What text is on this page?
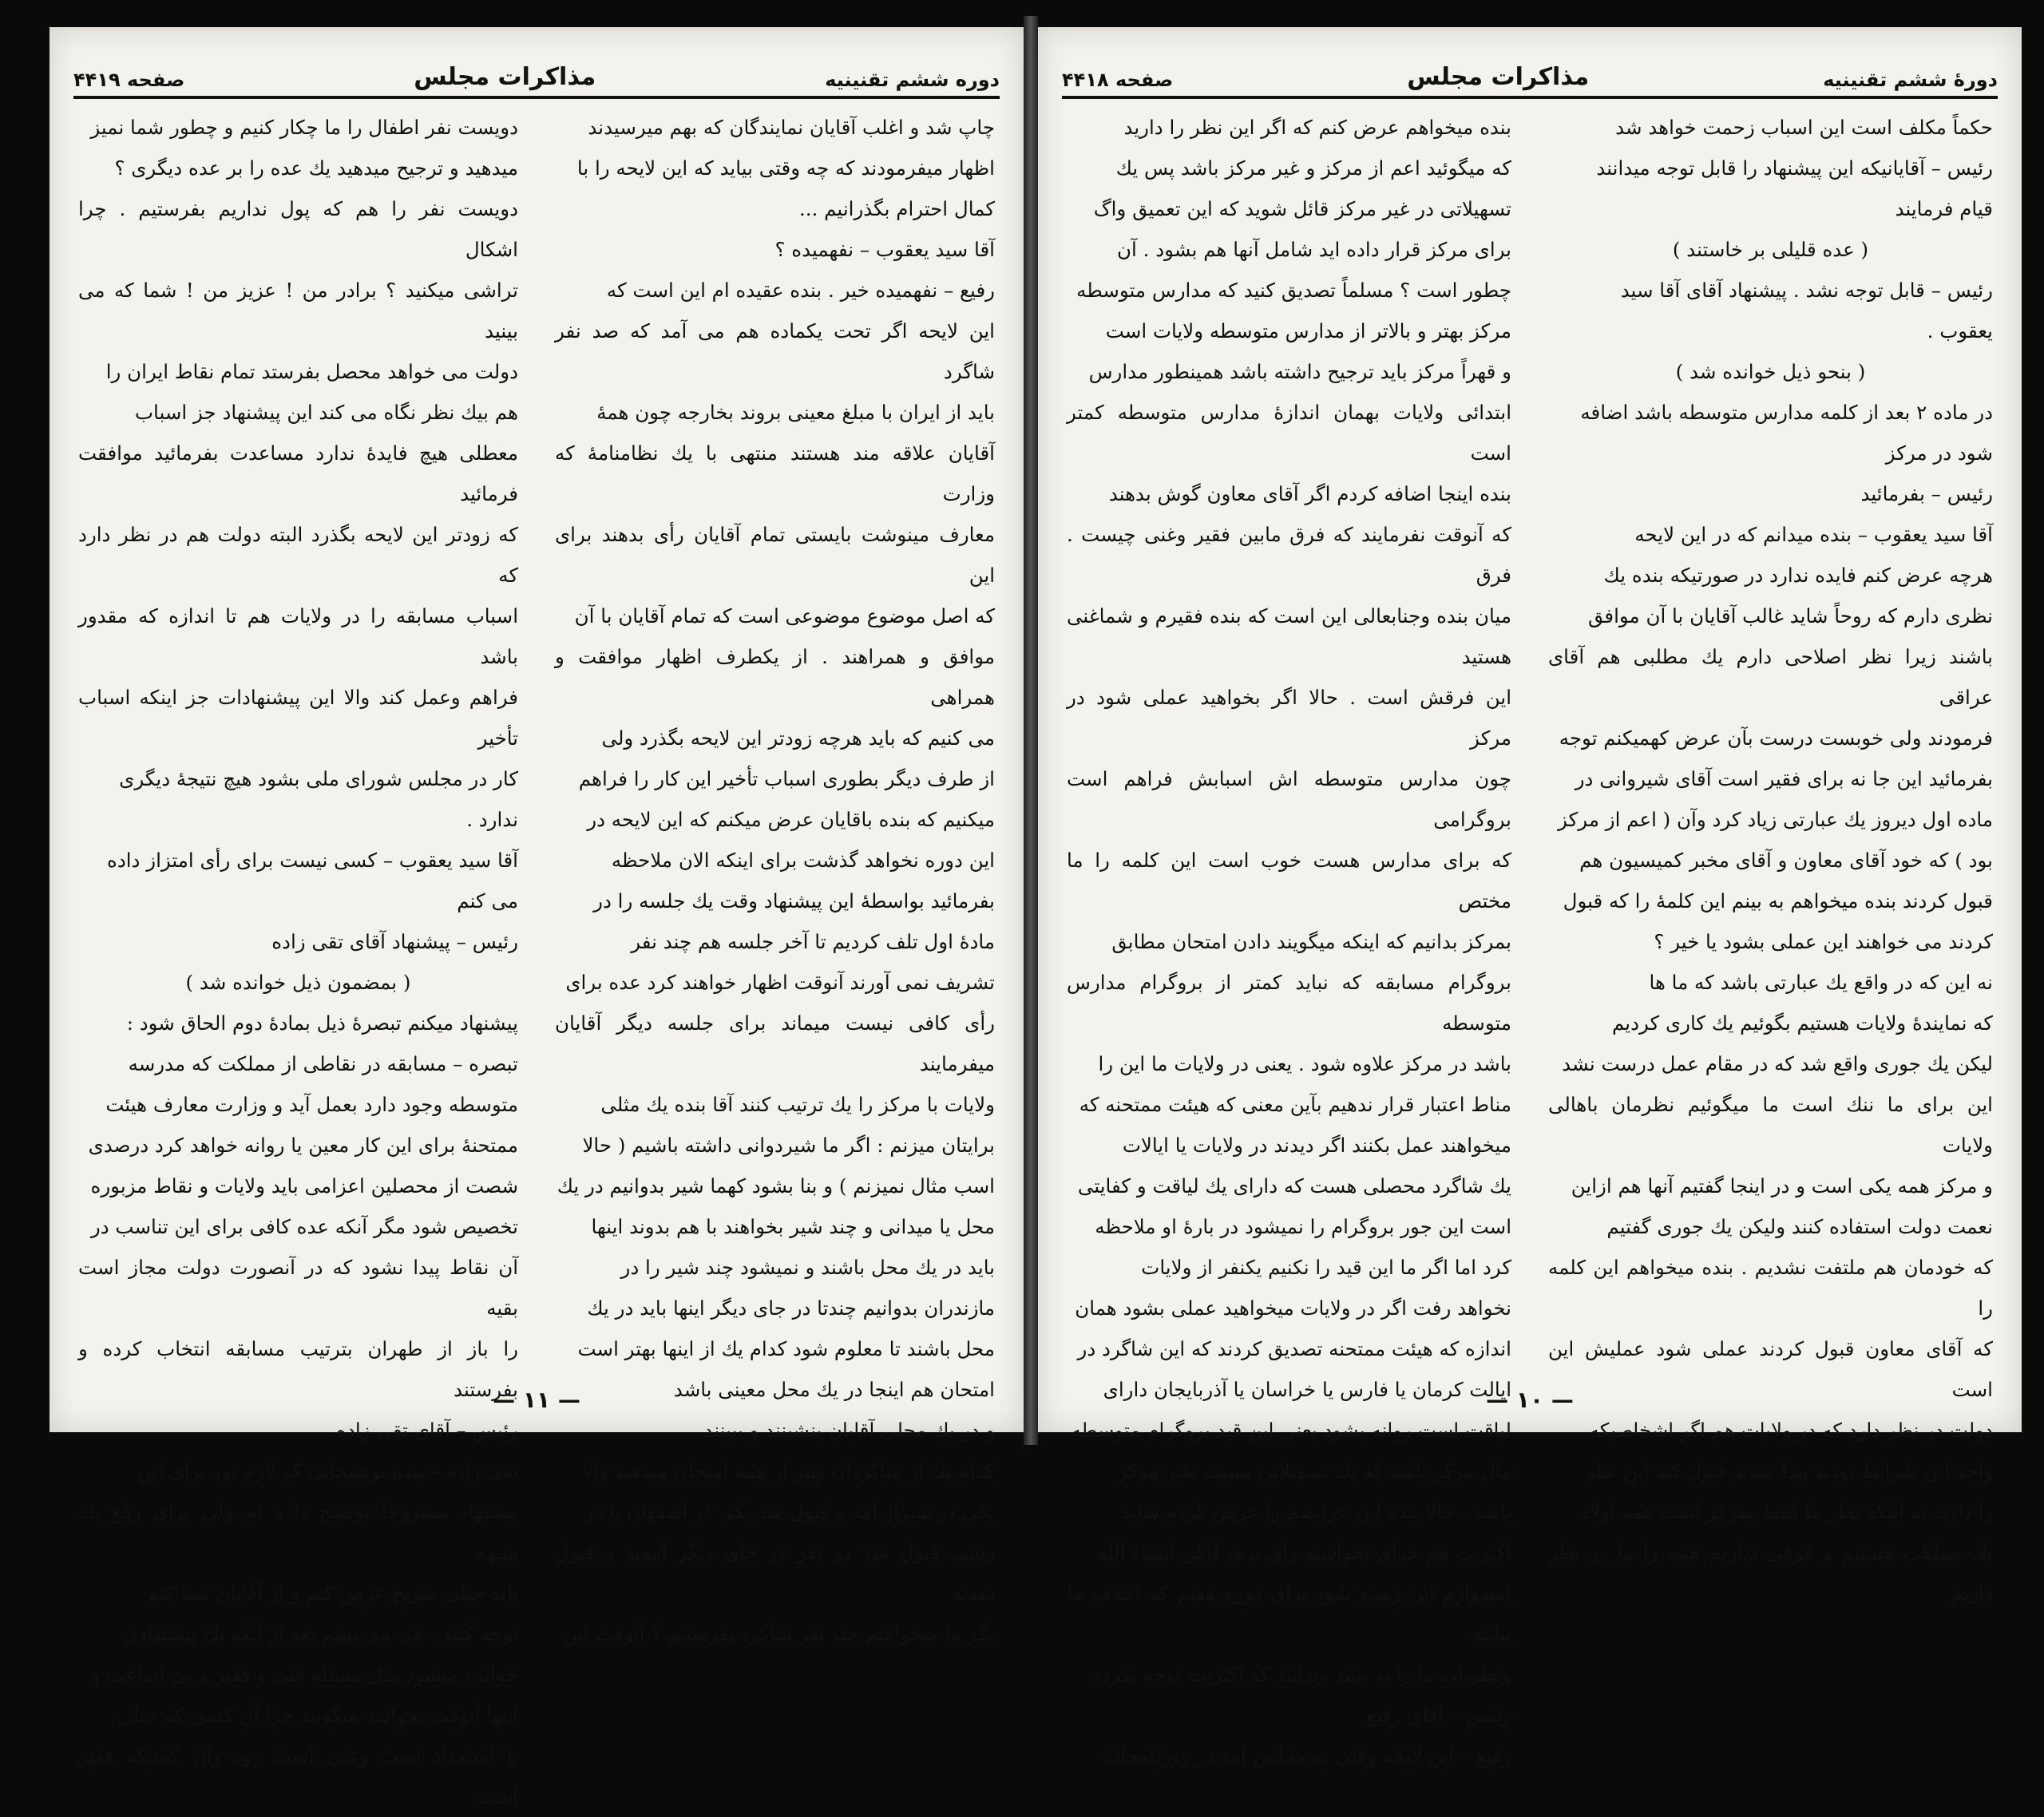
دوره ششم تقنينيه
مذاکرات مجلس
صفحه ۴۴۱۹

چاپ شد و اغلب آقایان نمایندگان که بهم میرسیدند

اظهار میفرمودند که چه وقتی بیاید که این لایحه را با

کمال احترام بگذرانیم ...

آقا سید یعقوب – نفهمیده ؟

رفیع – نفهمیده خیر . بنده عقیده ام این است که

این لایحه اگر تحت یکماده هم می آمد که صد نفر شاگرد

باید از ایران با مبلغ معینی بروند بخارجه چون همهٔ

آقایان علاقه مند هستند منتهی با یك نظامنامهٔ که وزارت

معارف مینوشت بایستی تمام آقایان رأی بدهند برای این

که اصل موضوع موضوعی است که تمام آقایان با آن

موافق و همراهند . از یکطرف اظهار موافقت و همراهی

می کنیم که باید هرچه زودتر این لایحه بگذرد ولی

از طرف دیگر بطوری اسباب تأخیر این کار را فراهم

میکنیم که بنده باقایان عرض میکنم که این لایحه در

این دوره نخواهد گذشت برای اینکه الان ملاحظه

بفرمائید بواسطهٔ این پیشنهاد وقت یك جلسه را در

مادهٔ اول تلف کردیم تا آخر جلسه هم چند نفر

تشریف نمی آورند آنوقت اظهار خواهند کرد عده برای

رأی کافی نیست میماند برای جلسه دیگر آقایان میفرمایند

ولایات با مرکز را یك ترتیب کنند آقا بنده یك مثلی

برایتان میزنم : اگر ما شیردوانی داشته باشیم ( حالا

اسب مثال نمیزنم ) و بنا بشود کهما شیر بدوانیم در یك

محل یا میدانی و چند شیر بخواهند با هم بدوند اینها

باید در یك محل باشند و نمیشود چند شیر را در

مازندران بدوانیم چندتا در جای دیگر اینها باید در یك

محل باشند تا معلوم شود کدام یك از اینها بهتر است

امتحان هم اینجا در یك محل معینی باشد

و در یك محلی آقایان بنشینند و ببینند

کدام یك از شاگردان بهتر از همه امتحان میدهند والا

یکی در شیراز آمد و قبول شد یکی در اصفهان یا در

رشت قبول شد دو نفر در جای دیگر آمدند و قبول شدند

بگر ما میخواهیم چند نفر شاگرد بفرستیم ؟ آنوقت این

دویست نفر اطفال را ما چکار کنیم و چطور شما نمیز

میدهید و ترجیح میدهید یك عده را بر عده دیگری ؟

دویست نفر را هم که پول نداریم بفرستیم . چرا اشکال

تراشی میکنید ؟ برادر من ! عزیز من ! شما که می بینید

دولت می خواهد محصل بفرستد تمام نقاط ایران را

هم بیك نظر نگاه می کند این پیشنهاد جز اسباب

معطلی هیچ فایدهٔ ندارد مساعدت بفرمائید موافقت فرمائید

که زودتر این لایحه بگذرد البته دولت هم در نظر دارد که

اسباب مسابقه را در ولایات هم تا اندازه که مقدور باشد

فراهم وعمل کند والا این پیشنهادات جز اینکه اسباب تأخیر

کار در مجلس شورای ملی بشود هیچ نتیجهٔ دیگری

ندارد .

آقا سید یعقوب – کسی نیست برای رأی امتزاز داده

می کنم

رئیس – پیشنهاد آقای تقی زاده

( بمضمون ذیل خوانده شد )

پیشنهاد میکنم تبصرهٔ ذیل بمادهٔ دوم الحاق شود :

تبصره – مسابقه در نقاطی از مملکت که مدرسه

متوسطه وجود دارد بعمل آید و وزارت معارف هیئت

ممتحنهٔ برای این کار معین یا روانه خواهد کرد درصدی

شصت از محصلین اعزامی باید ولایات و نقاط مزبوره

تخصیص شود مگر آنکه عده کافی برای این تناسب در

آن نقاط پیدا نشود که در آنصورت دولت مجاز است بقیه

را باز از طهران بترتیب مسابقه انتخاب کرده و بفرستند

رئیس – آقای تقی زاده

تقی زاده – بنده توضیحاتی که لازم بود برای این

پیشنهاد مشروحاً توضیح داده ام ولی برای رفع یك شبهه

باید خیلی صریح عرض کنم و از آقایان تمنا کنم

توجه کنند . هی می بینیم بعد از آنکه یك پیشنهادی

خوانده میشود مثل مسئله غنی و فقیر و بی اضاعت و

اینها آنوقت نخوانده میگویند چرا آن کسی که خیلی

با استعداد است وغنی است زود وآن کسیکه فقیر است

— ۱۱ —
دورهٔ ششم تقنینیه
مذاکرات مجلس
صفحه ۴۴۱۸

حکماً مکلف است این اسباب زحمت خواهد شد

رئیس – آقایانیکه این پیشنهاد را قابل توجه میدانند

قیام فرمایند

( عده قلیلی بر خاستند )

رئیس – قابل توجه نشد . پیشنهاد آقای آقا سید

یعقوب .

( بنحو ذیل خوانده شد )

در ماده ۲ بعد از کلمه مدارس متوسطه باشد اضافه

شود در مرکز

رئیس – بفرمائید

آقا سید یعقوب – بنده میدانم که در این لایحه

هرچه عرض کنم فایده ندارد در صورتیکه بنده یك

نظری دارم که روحاً شاید غالب آقایان با آن موافق

باشند زیرا نظر اصلاحی دارم یك مطلبی هم آقای عراقی

فرمودند ولی خوبست درست بآن عرض کهمیکنم توجه

بفرمائید این جا نه برای فقیر است آقای شیروانی در

ماده اول دیروز یك عبارتی زیاد کرد وآن ( اعم از مرکز

بود ) که خود آقای معاون و آقای مخبر کمیسیون هم

قبول کردند بنده میخواهم به بینم این کلمهٔ را که قبول

کردند می خواهند این عملی بشود یا خیر ؟

نه این که در واقع یك عبارتی باشد که ما ها

که نمایندهٔ ولایات هستیم بگوئیم یك کاری کردیم

لیکن یك جوری واقع شد که در مقام عمل درست نشد

این برای ما ننك است ما میگوئیم نظرمان باهالی ولایات

و مرکز همه یکی است و در اینجا گفتیم آنها هم ازاین

نعمت دولت استفاده کنند ولیکن یك جوری گفتیم

که خودمان هم ملتفت نشدیم . بنده میخواهم این کلمه را

که آقای معاون قبول کردند عملی شود عملیش این است

دولت در نظر دارد که در ولایات هم اگر اشخاصیکه

واجد این شرایط بودند پیدا شدند قبول کند این نظر

را دارند نه اینکه نظر ما فقط بمرکز است همه اولاد

یك مملکت هستیم و فرقی نداریم همه را ما در نظر داریم

بنده میخواهم عرض کنم که اگر این نظر را دارید

که میگوئید اعم از مرکز و غیر مرکز باشد پس یك

تسهیلاتی در غیر مرکز قائل شوید که این تعمیق واگ

برای مرکز قرار داده اید شامل آنها هم بشود . آن

چطور است ؟ مسلماً تصدیق کنید که مدارس متوسطه

مرکز بهتر و بالاتر از مدارس متوسطه ولایات است

و قهراً مرکز باید ترجیح داشته باشد همینطور مدارس

ابتدائی ولایات بهمان اندازهٔ مدارس متوسطه کمتر است

بنده اینجا اضافه کردم اگر آقای معاون گوش بدهند

که آنوقت نفرمایند که فرق مابین فقیر وغنی چیست . فرق

میان بنده وجنابعالی این است که بنده فقیرم و شماغنی هستید

این فرقش است . حالا اگر بخواهید عملی شود در مرکز

چون مدارس متوسطه اش اسبابش فراهم است بروگرامی

که برای مدارس هست خوب است این کلمه را ما مختص

بمرکز بدانیم که اینکه میگویند دادن امتحان مطابق

بروگرام مسابقه که نباید کمتر از بروگرام مدارس متوسطه

باشد در مرکز علاوه شود . یعنی در ولایات ما این را

مناط اعتبار قرار ندهیم بآین معنی که هیئت ممتحنه که

میخواهند عمل بکنند اگر دیدند در ولایات یا ایالات

یك شاگرد محصلی هست که دارای یك لیاقت و کفایتی

است این جور بروگرام را نمیشود در بارهٔ او ملاحظه

کرد اما اگر ما این قید را نکنیم یکنفر از ولایات

نخواهد رفت اگر در ولایات میخواهید عملی بشود همان

اندازه که هیئت ممتحنه تصدیق کردند که این شاگرد در

ایالت کرمان یا فارس یا خراسان یا آذربایجان دارای

لیاقت است روانه بشود یعنی این قید بروگرام متوسطه

مال مرکز باشد که یك تسهیلاتی نسبت بغیر مرکز

باشد . حالا بنده این عرایضم را عرض کردم شاید

اکثریت هم خدای نخواسته رأی ندهد لیکن انشاء الله

امیدوارم این زمینه شود برای دوره هفتم که اخلاف ما بیایند

ونظریات ما را به بینند وبدانند که اکثریت توجه نکرده

رئیس – آقای رفیع

رفیع – این لایحه وقتی به مجلس آمد در روزنامجات

— ۱۰ —
